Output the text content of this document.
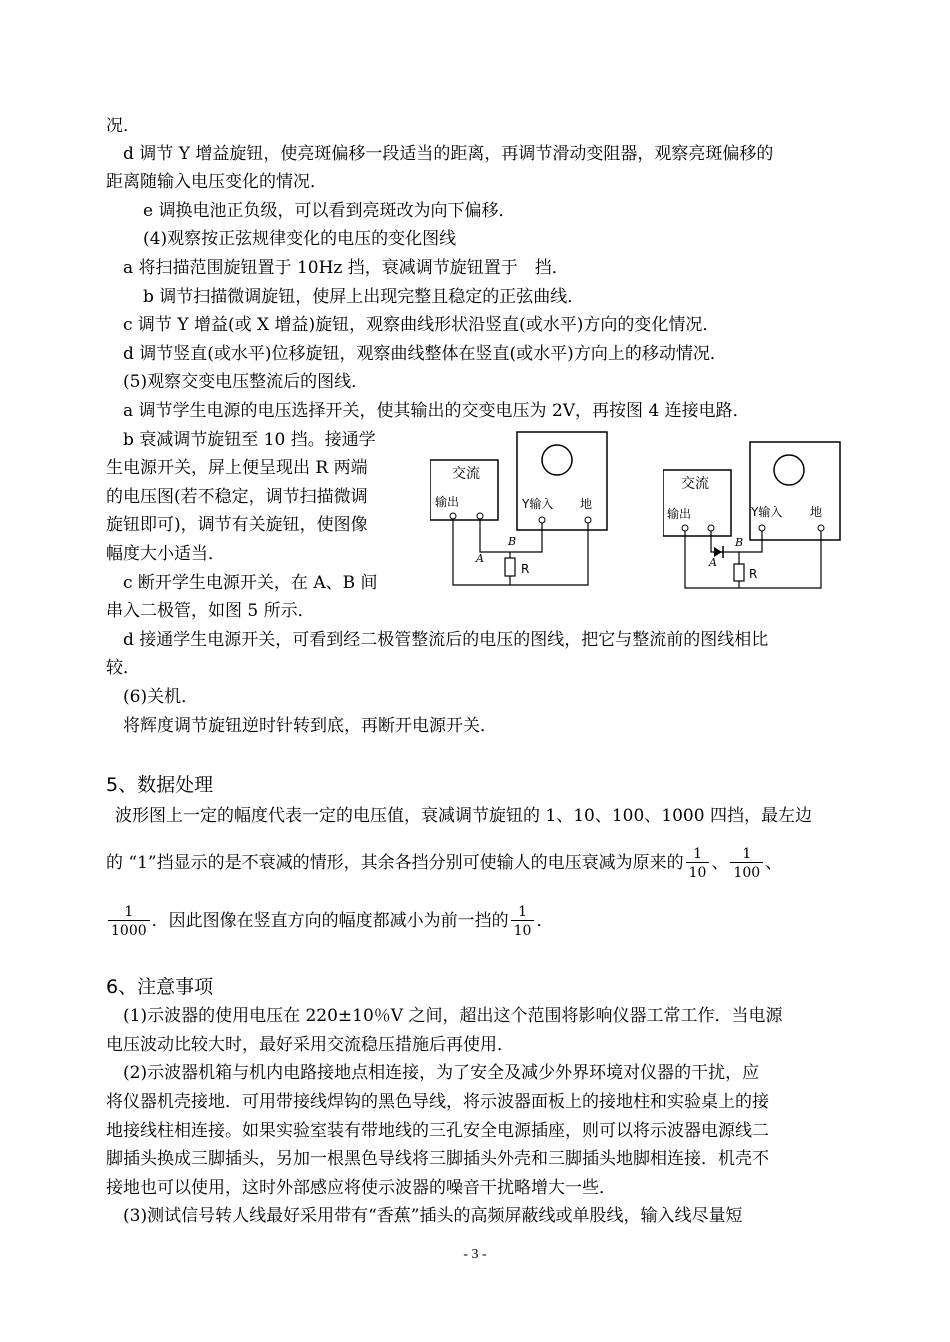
况．
d 调节 Y 增益旋钮，使亮斑偏移一段适当的距离，再调节滑动变阻器，观察亮斑偏移的
距离随输入电压变化的情况．
e 调换电池正负级，可以看到亮斑改为向下偏移．
(4)观察按正弦规律变化的电压的变化图线
a 将扫描范围旋钮置于 10Hz 挡，衰减调节旋钮置于　挡．
b 调节扫描微调旋钮，使屏上出现完整且稳定的正弦曲线．
c 调节 Y 增益(或 X 增益)旋钮，观察曲线形状沿竖直(或水平)方向的变化情况．
d 调节竖直(或水平)位移旋钮，观察曲线整体在竖直(或水平)方向上的移动情况．
(5)观察交变电压整流后的图线．
a 调节学生电源的电压选择开关，使其输出的交变电压为 2V，再按图 4 连接电路．
b 衰减调节旋钮至 10 挡。接通学
生电源开关，屏上便呈现出 R 两端
的电压图(若不稳定，调节扫描微调
旋钮即可)，调节有关旋钮，使图像
幅度大小适当．
c 断开学生电源开关，在 A、B 间
串入二极管，如图 5 所示．
d 接通学生电源开关，可看到经二极管整流后的电压的图线，把它与整流前的图线相比
较．
(6)关机．
将辉度调节旋钮逆时针转到底，再断开电源开关．
交流
输出	Y输入 地
R
A
B
交流
输出	Y输入 地
R
A
B
5、数据处理
波形图上一定的幅度代表一定的电压值，衰减调节旋钮的 1、10、100、1000 四挡，最左边
的 “1”挡显示的是不衰减的情形，其余各挡分别可使输人的电压衰减为原来的 $\frac{1}{10}$ 、 $\frac{1}{100}$ 、
$\frac{1}{1000}$ ．因此图像在竖直方向的幅度都减小为前一挡的 $\frac{1}{10}$ ．
6、注意事项
(1)示波器的使用电压在 220±10％V 之间，超出这个范围将影响仪器工常工作．当电源
电压波动比较大时，最好采用交流稳压措施后再使用．
(2)示波器机箱与机内电路接地点相连接，为了安全及减少外界环境对仪器的干扰，应
将仪器机壳接地．可用带接线焊钩的黑色导线，将示波器面板上的接地柱和实验桌上的接
地接线柱相连接。如果实验室装有带地线的三孔安全电源插座，则可以将示波器电源线二
脚插头换成三脚插头，另加一根黑色导线将三脚插头外壳和三脚插头地脚相连接．机壳不
接地也可以使用，这时外部感应将使示波器的噪音干扰略增大一些．
(3)测试信号转人线最好采用带有“香蕉”插头的高频屏蔽线或单股线，输入线尽量短
- 3 -
